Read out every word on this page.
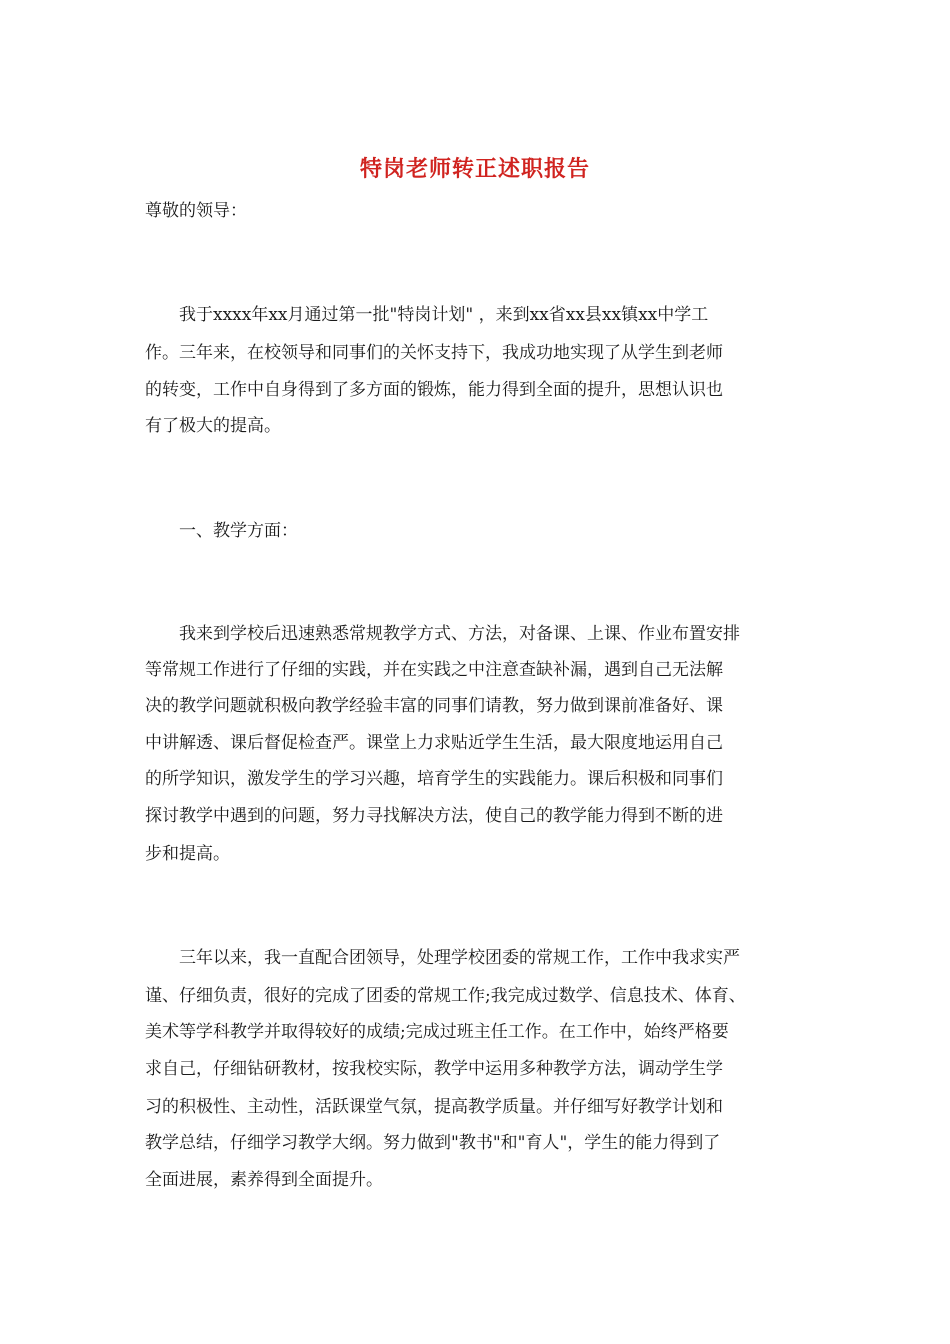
特岗老师转正述职报告
尊敬的领导：
　　我于xxxx年xx月通过第一批"特岗计划" ，来到xx省xx县xx镇xx中学工
作。三年来，在校领导和同事们的关怀支持下，我成功地实现了从学生到老师
的转变，工作中自身得到了多方面的锻炼，能力得到全面的提升，思想认识也
有了极大的提高。
　　一、教学方面：
　　我来到学校后迅速熟悉常规教学方式、方法，对备课、上课、作业布置安排
等常规工作进行了仔细的实践，并在实践之中注意查缺补漏，遇到自己无法解
决的教学问题就积极向教学经验丰富的同事们请教，努力做到课前准备好、课
中讲解透、课后督促检查严。课堂上力求贴近学生生活，最大限度地运用自己
的所学知识，激发学生的学习兴趣，培育学生的实践能力。课后积极和同事们
探讨教学中遇到的问题，努力寻找解决方法，使自己的教学能力得到不断的进
步和提高。
　　三年以来，我一直配合团领导，处理学校团委的常规工作，工作中我求实严
谨、仔细负责，很好的完成了团委的常规工作;我完成过数学、信息技术、体育、
美术等学科教学并取得较好的成绩;完成过班主任工作。在工作中，始终严格要
求自己，仔细钻研教材，按我校实际，教学中运用多种教学方法，调动学生学
习的积极性、主动性，活跃课堂气氛，提高教学质量。并仔细写好教学计划和
教学总结，仔细学习教学大纲。努力做到"教书"和"育人"，学生的能力得到了
全面进展，素养得到全面提升。
